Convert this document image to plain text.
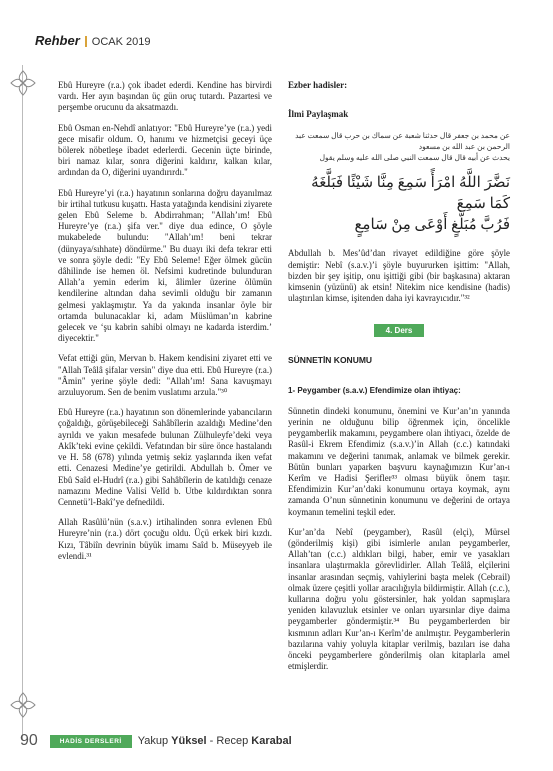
Rehber OCAK 2019

Ebû Hureyre (r.a.) çok ibadet ederdi. Kendine has birvirdi vardı. Her ayın başından üç gün oruç tutardı. Pazartesi ve perşembe orucunu da aksatmazdı.

Ebû Osman en-Nehdî anlatıyor: "Ebû Hureyre’ye (r.a.) yedi gece misafir oldum. O, hanımı ve hizmetçisi geceyi üçe bölerek nöbetleşe ibadet ederlerdi. Gecenin üçte birinde, biri namaz kılar, sonra diğerini kaldırır, kalkan kılar, ardından da O, diğerini uyandırırdı."

Ebû Hureyre’yi (r.a.) hayatının sonlarına doğru dayanılmaz bir irtihal tutkusu kuşattı. Hasta yatağında kendisini ziyarete gelen Ebû Seleme b. Abdirrahman; "Allah’ım! Ebû Hureyre’ye (r.a.) şifa ver." diye dua edince, O şöyle mukabelede bulundu: "Allah’ım! beni tekrar (dünyaya/sıhhate) döndürme." Bu duayı iki defa tekrar etti ve sonra şöyle dedi: "Ey Ebû Seleme! Eğer ölmek gücün dâhilinde ise hemen öl. Nefsimi kudretinde bulunduran Allah’a yemin ederim ki, âlimler üzerine ölümün kendilerine altından daha sevimli olduğu bir zamanın gelmesi yaklaşmıştır. Ya da yakında insanlar öyle bir ortamda bulunacaklar ki, adam Müslüman’ın kabrine gelecek ve ‘şu kabrin sahibi olmayı ne kadarda isterdim.’ diyecektir."

Vefat ettiği gün, Mervan b. Hakem kendisini ziyaret etti ve "Allah Teâlâ şifalar versin" diye dua etti. Ebû Hureyre (r.a.) "Âmin" yerine şöyle dedi: "Allah’ım! Sana kavuşmayı arzuluyorum. Sen de benim vuslatımı arzula."³⁰

Ebû Hureyre (r.a.) hayatının son dönemlerinde yabancıların çoğaldığı, görüşebileceği Sahâbîlerin azaldığı Medine’den ayrıldı ve yakın mesafede bulunan Zülhuleyfe’deki veya Akîk’teki evine çekildi. Vefatından bir süre önce hastalandı ve H. 58 (678) yılında yetmiş sekiz yaşlarında iken vefat etti. Cenazesi Medine’ye getirildi. Abdullah b. Ömer ve Ebû Saîd el-Hudrî (r.a.) gibi Sahâbîlerin de katıldığı cenaze namazını Medine Valisi Velîd b. Utbe kıldırdıktan sonra Cennetü’l-Bakî’ye defnedildi.

Allah Rasûlü’nün (s.a.v.) irtihalinden sonra evlenen Ebû Hureyre’nin (r.a.) dört çocuğu oldu. Üçü erkek biri kızdı. Kızı, Tâbiîn devrinin büyük imamı Saîd b. Müseyyeb ile evlendi.³¹

Ezber hadisler:
İlmi Paylaşmak
عن محمد بن جعفر قال حدثنا شعبة عن سماك بن حرب قال سمعت عبد الرحمن بن عبد الله بن مسعود
يحدث عن أبيه قال قال سمعت النبي صلى الله عليه وسلم يقول
نَضَّرَ اللَّهُ امْرَأً سَمِعَ مِنَّا شَيْئًا فَبَلَّغَهُ كَمَا سَمِعَ
فَرُبَّ مُبَلَّغٍ أَوْعَى مِنْ سَامِعٍ

Abdullah b. Mes’ûd’dan rivayet edildiğine göre şöyle demiştir: Nebî (s.a.v.)’i şöyle buyururken işittim: "Allah, bizden bir şey işitip, onu işittiği gibi (bir başkasına) aktaran kimsenin (yüzünü) ak etsin! Nitekim nice kendisine (hadis) ulaştırılan kimse, işitenden daha iyi kavrayıcıdır."³²

4. Ders
SÜNNETİN KONUMU
1- Peygamber (s.a.v.) Efendimize olan ihtiyaç:

Sünnetin dindeki konumunu, önemini ve Kur’an’ın yanında yerinin ne olduğunu bilip öğrenmek için, öncelikle peygamberlik makamını, peygambere olan ihtiyacı, özelde de Rasûl-i Ekrem Efendimiz (s.a.v.)’in Allah (c.c.) katındaki makamını ve değerini tanımak, anlamak ve bilmek gerekir. Bütün bunları yaparken başvuru kaynağımızın Kur’an-ı Kerîm ve Hadisi Şerifler³³ olması büyük önem taşır. Efendimizin Kur’an’daki konumunu ortaya koymak, aynı zamanda O’nun sünnetinin konumunu ve değerini de ortaya koymanın temelini teşkil eder.

Kur’an’da Nebî (peygamber), Rasûl (elçi), Mürsel (gönderilmiş kişi) gibi isimlerle anılan peygamberler, Allah’tan (c.c.) aldıkları bilgi, haber, emir ve yasakları insanlara ulaştırmakla görevlidirler. Allah Teâlâ, elçilerini insanlar arasından seçmiş, vahiylerini başta melek (Cebrail) olmak üzere çeşitli yollar aracılığıyla bildirmiştir. Allah (c.c.), kullarına doğru yolu göstersinler, hak yoldan sapmışlara yeniden kılavuzluk etsinler ve onları uyarsınlar diye daima peygamberler göndermiştir.³⁴ Bu peygamberlerden bir kısmının adları Kur’an-ı Kerîm’de anılmıştır. Peygamberlerin bazılarına vahiy yoluyla kitaplar verilmiş, bazıları ise daha önceki peygamberlere gönderilmiş olan kitaplarla amel etmişlerdir.

90	HADİS DERSLERİ	Yakup Yüksel - Recep Karabal
